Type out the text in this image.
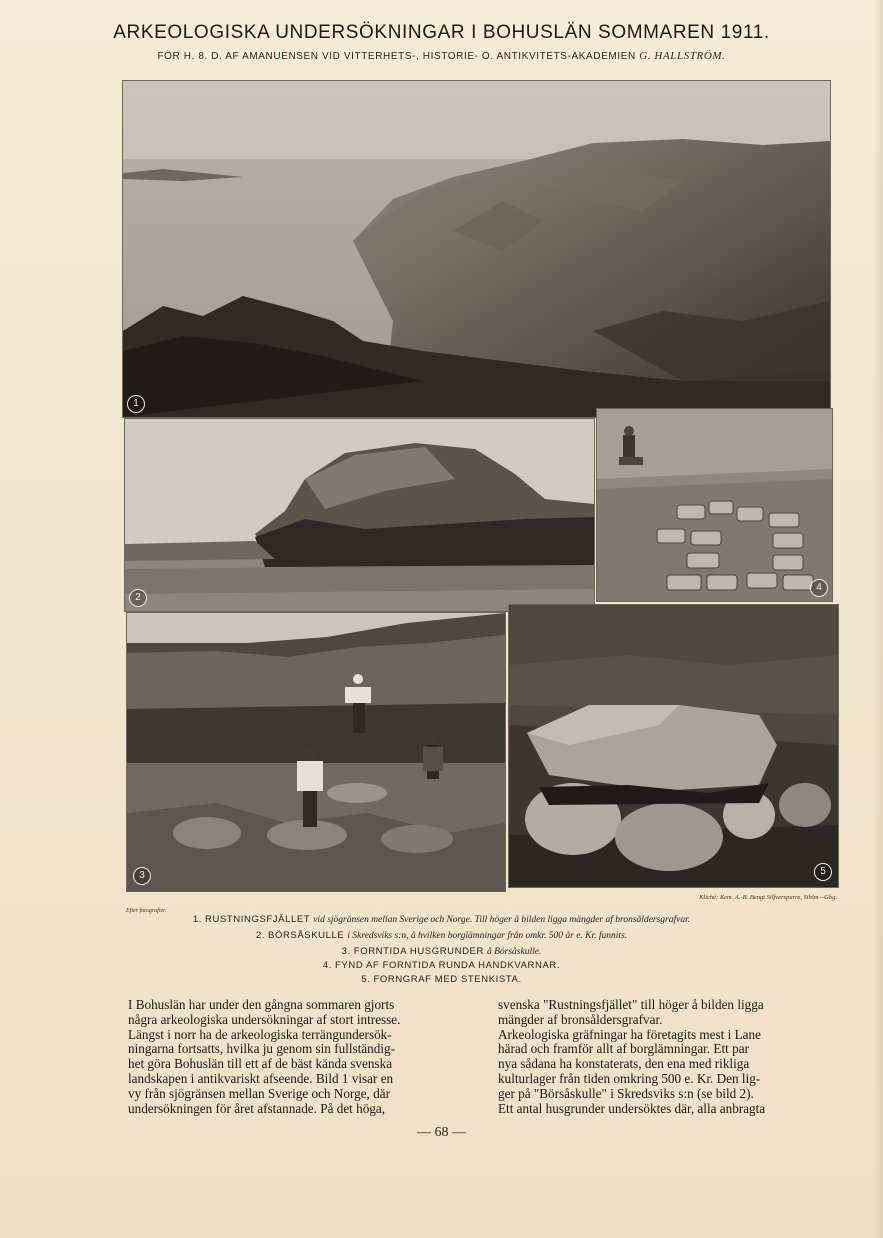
ARKEOLOGISKA UNDERSÖKNINGAR I BOHUSLÄN SOMMAREN 1911.
FÖR H. 8. D. AF AMANUENSEN VID VITTERHETS-, HISTORIE- O. ANTIKVITETS-AKADEMIEN G. HALLSTRÖM.
1
2
4
3	5
Kliché: Kem. A.-B. Bengt Silfversparre, Sthlm—Gbg.
Efter fotografier.
1. RUSTNINGSFJÄLLET vid sjögränsen mellan Sverige och Norge. Till höger å bilden ligga mängder af bronsåldersgrafvar.
2. BÖRSÅSKULLE i Skredsviks s:n, å hvilken borglämningar från omkr. 500 år e. Kr. funnits.
3. FORNTIDA HUSGRUNDER å Börsåskulle.
4. FYND AF FORNTIDA RUNDA HANDKVARNAR.
5. FORNGRAF MED STENKISTA.
I Bohuslän har under den gångna sommaren gjorts
några arkeologiska undersökningar af stort intresse.
Längst i norr ha de arkeologiska terrängundersök-
ningarna fortsatts, hvilka ju genom sin fullständig-
het göra Bohuslän till ett af de bäst kända svenska
landskapen i antikvariskt afseende. Bild 1 visar en
vy från sjögränsen mellan Sverige och Norge, där
undersökningen för året afstannade. På det höga,
svenska "Rustningsfjället" till höger å bilden ligga
mängder af bronsåldersgrafvar.
Arkeologiska gräfningar ha företagits mest i Lane
härad och framför allt af borglämningar. Ett par
nya sådana ha konstaterats, den ena med rikliga
kulturlager från tiden omkring 500 e. Kr. Den lig-
ger på "Börsåskulle" i Skredsviks s:n (se bild 2).
Ett antal husgrunder undersöktes där, alla anbragta
— 68 —
